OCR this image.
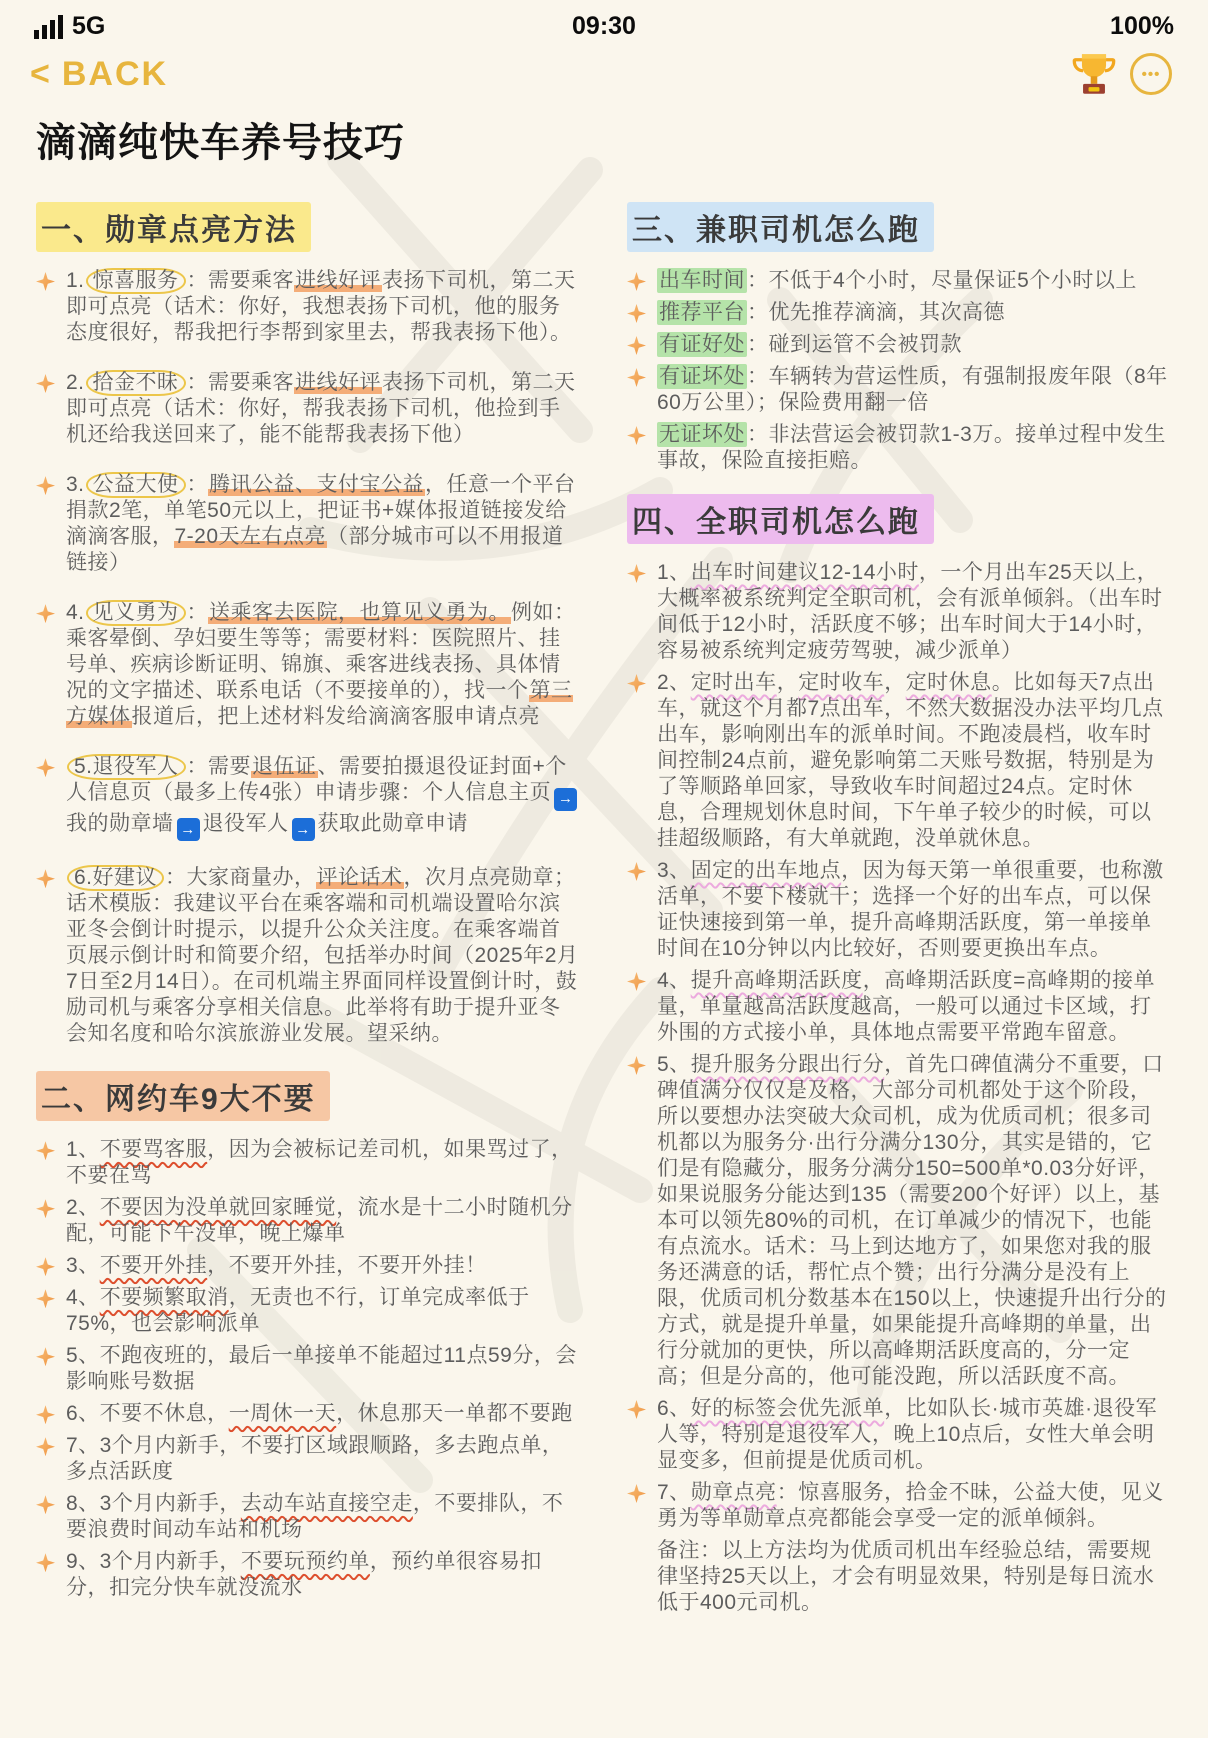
5G	09:30	100%
< BACK	•••
滴滴纯快车养号技巧
一、勋章点亮方法
1. 惊喜服务 ：需要乘客进线好评表扬下司机，第二天即可点亮（话术：你好，我想表扬下司机，他的服务态度很好，帮我把行李帮到家里去，帮我表扬下他）。
2. 拾金不昧 ：需要乘客进线好评表扬下司机，第二天即可点亮（话术：你好，帮我表扬下司机，他捡到手机还给我送回来了，能不能帮我表扬下他）
3. 公益大使 ：腾讯公益、支付宝公益，任意一个平台捐款2笔，单笔50元以上，把证书+媒体报道链接发给滴滴客服，7-20天左右点亮（部分城市可以不用报道链接）
4. 见义勇为 ：送乘客去医院，也算见义勇为。例如：乘客晕倒、孕妇要生等等；需要材料：医院照片、挂号单、疾病诊断证明、锦旗、乘客进线表扬、具体情况的文字描述、联系电话（不要接单的），找一个第三方媒体报道后，把上述材料发给滴滴客服申请点亮
5.退役军人 ：需要退伍证、需要拍摄退役证封面+个人信息页（最多上传4张）申请步骤：个人信息主页 →我的勋章墙 → 退役军人 → 获取此勋章申请
6.好建议 ：大家商量办，评论话术，次月点亮勋章；话术模版：我建议平台在乘客端和司机端设置哈尔滨亚冬会倒计时提示，以提升公众关注度。在乘客端首页展示倒计时和简要介绍，包括举办时间（2025年2月7日至2月14日）。在司机端主界面同样设置倒计时，鼓励司机与乘客分享相关信息。此举将有助于提升亚冬会知名度和哈尔滨旅游业发展。望采纳。
二、网约车9大不要
1、不要骂客服，因为会被标记差司机，如果骂过了，不要在骂
2、不要因为没单就回家睡觉，流水是十二小时随机分配，可能下午没单，晚上爆单
3、不要开外挂，不要开外挂，不要开外挂！
4、不要频繁取消，无责也不行，订单完成率低于75%，也会影响派单
5、不跑夜班的，最后一单接单不能超过11点59分，会影响账号数据
6、不要不休息，一周休一天，休息那天一单都不要跑
7、3个月内新手，不要打区域跟顺路，多去跑点单，多点活跃度
8、3个月内新手，去动车站直接空走，不要排队，不要浪费时间动车站和机场
9、3个月内新手，不要玩预约单，预约单很容易扣分，扣完分快车就没流水
三、兼职司机怎么跑
出车时间：不低于4个小时，尽量保证5个小时以上
推荐平台：优先推荐滴滴，其次高德
有证好处：碰到运管不会被罚款
有证坏处：车辆转为营运性质，有强制报废年限（8年60万公里）；保险费用翻一倍
无证坏处：非法营运会被罚款1-3万。接单过程中发生事故，保险直接拒赔。
四、全职司机怎么跑
1、出车时间建议12-14小时，一个月出车25天以上，大概率被系统判定全职司机，会有派单倾斜。（出车时间低于12小时，活跃度不够；出车时间大于14小时，容易被系统判定疲劳驾驶，减少派单）
2、定时出车，定时收车，定时休息。比如每天7点出车，就这个月都7点出车，不然大数据没办法平均几点出车，影响刚出车的派单时间。不跑凌晨档，收车时间控制24点前，避免影响第二天账号数据，特别是为了等顺路单回家，导致收车时间超过24点。定时休息，合理规划休息时间，下午单子较少的时候，可以挂超级顺路，有大单就跑，没单就休息。
3、固定的出车地点，因为每天第一单很重要，也称激活单，不要下楼就干；选择一个好的出车点，可以保证快速接到第一单，提升高峰期活跃度，第一单接单时间在10分钟以内比较好，否则要更换出车点。
4、提升高峰期活跃度，高峰期活跃度=高峰期的接单量，单量越高活跃度越高，一般可以通过卡区域，打外围的方式接小单，具体地点需要平常跑车留意。
5、提升服务分跟出行分，首先口碑值满分不重要，口碑值满分仅仅是及格，大部分司机都处于这个阶段，所以要想办法突破大众司机，成为优质司机；很多司机都以为服务分·出行分满分130分，其实是错的，它们是有隐藏分，服务分满分150=500单*0.03分好评，如果说服务分能达到135（需要200个好评）以上，基本可以领先80%的司机，在订单减少的情况下，也能有点流水。话术：马上到达地方了，如果您对我的服务还满意的话，帮忙点个赞；出行分满分是没有上限，优质司机分数基本在150以上，快速提升出行分的方式，就是提升单量，如果能提升高峰期的单量，出行分就加的更快，所以高峰期活跃度高的，分一定高；但是分高的，他可能没跑，所以活跃度不高。
6、好的标签会优先派单，比如队长·城市英雄·退役军人等，特别是退役军人，晚上10点后，女性大单会明显变多，但前提是优质司机。
7、勋章点亮：惊喜服务，拾金不昧，公益大使，见义勇为等单勋章点亮都能会享受一定的派单倾斜。
备注：以上方法均为优质司机出车经验总结，需要规律坚持25天以上，才会有明显效果，特别是每日流水低于400元司机。
